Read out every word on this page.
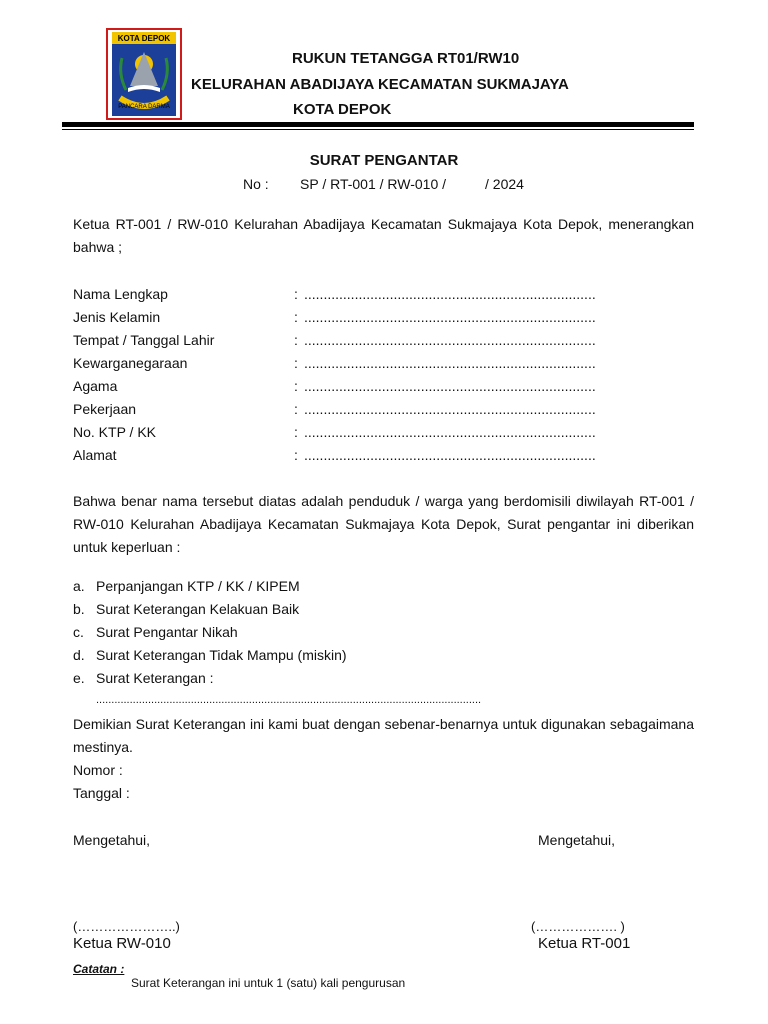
KOTA DEPOK
PANCARA DARMA
RUKUN TETANGGA RT01/RW10
KELURAHAN ABADIJAYA KECAMATAN SUKMAJAYA
KOTA DEPOK
SURAT PENGANTAR
No : SP / RT-001 / RW-010 /	/ 2024
Ketua RT-001 / RW-010 Kelurahan Abadijaya Kecamatan Sukmajaya Kota Depok, menerangkan bahwa ;
Nama Lengkap	: ...........................................................................
Jenis Kelamin	: ...........................................................................
Tempat / Tanggal Lahir	: ...........................................................................
Kewarganegaraan	: ...........................................................................
Agama	: ...........................................................................
Pekerjaan	: ...........................................................................
No. KTP / KK	: ...........................................................................
Alamat	: ...........................................................................
Bahwa benar nama tersebut diatas adalah penduduk / warga yang berdomisili diwilayah RT-001 / RW-010 Kelurahan Abadijaya Kecamatan Sukmajaya Kota Depok, Surat pengantar ini diberikan untuk keperluan :
a. Perpanjangan KTP / KK / KIPEM
b. Surat Keterangan Kelakuan Baik
c. Surat Pengantar Nikah
d. Surat Keterangan Tidak Mampu (miskin)
e. Surat Keterangan :
..............................................................................................................................
Demikian Surat Keterangan ini kami buat dengan sebenar-benarnya untuk digunakan sebagaimana mestinya.
Nomor :
Tanggal :
Mengetahui,	Mengetahui,
(…………………..)	(………………. )
Ketua RW-010	Ketua RT-001
Catatan :
Surat Keterangan ini untuk 1 (satu) kali pengurusan
